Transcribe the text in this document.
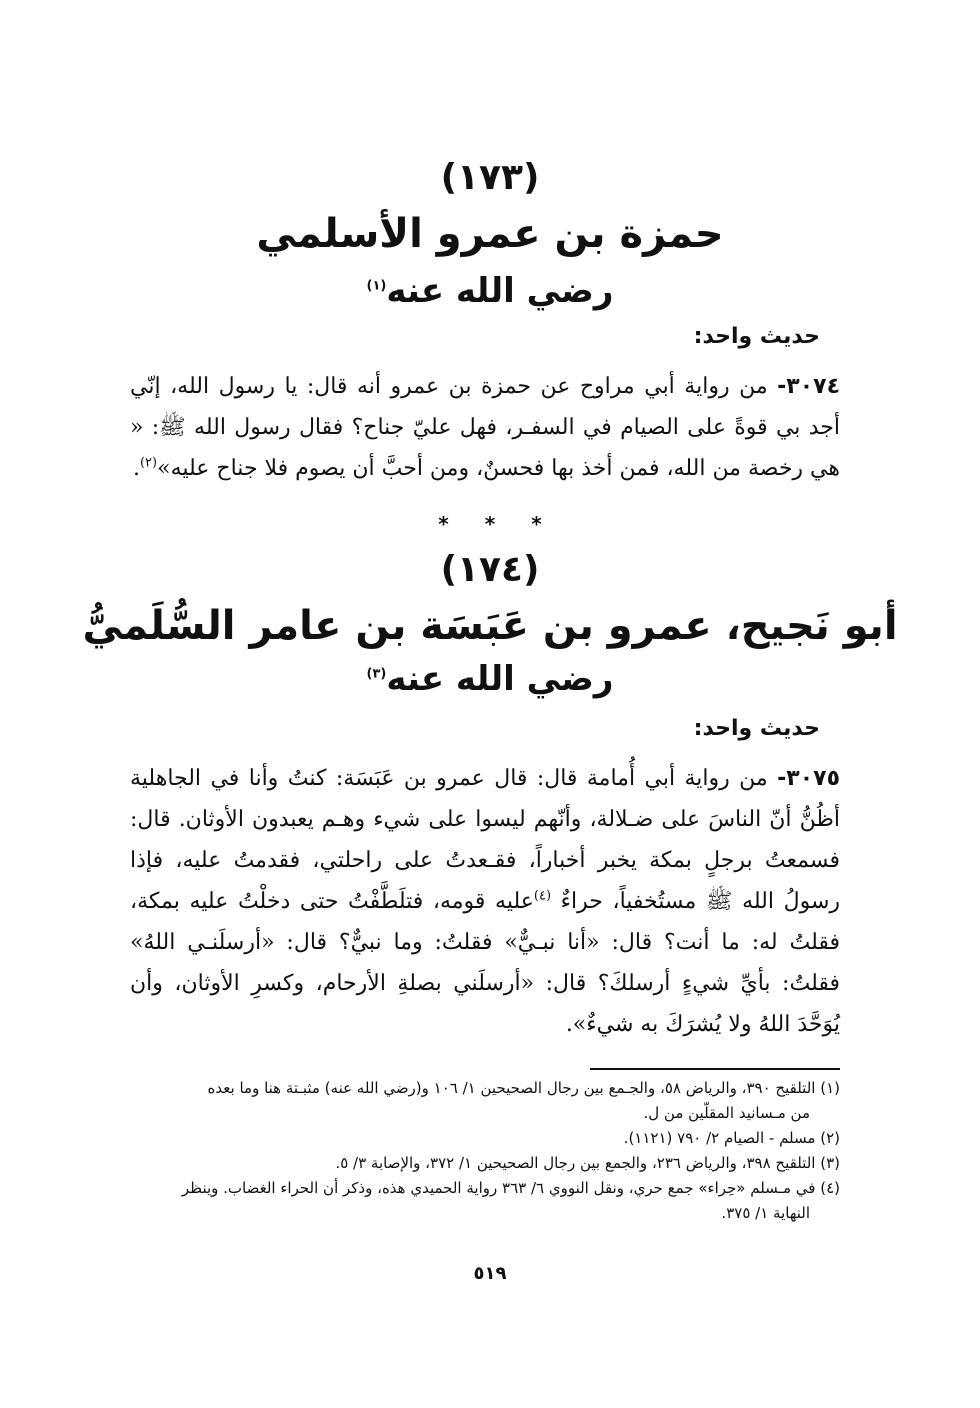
(١٧٣)
حمزة بن عمرو الأسلمي
رضي الله عنه$^{(١)}$
حديث واحد:
٣٠٧٤- من رواية أبي مراوح عن حمزة بن عمرو أنه قال: يا رسول الله، إنّي أجد بي قوةً على الصيام في السفـر، فهل عليّ جناح؟ فقال رسول الله ﷺ: « هي رخصة من الله، فمن أخذ بها فحسنٌ، ومن أحبَّ أن يصوم فلا جناح عليه»$^{(٢)}$.
***
(١٧٤)
أبو نَجيح، عمرو بن عَبَسَة بن عامر السُّلَميُّ
رضي الله عنه$^{(٣)}$
حديث واحد:
٣٠٧٥- من رواية أبي أُمامة قال: قال عمرو بن عَبَسَة: كنتُ وأنا في الجاهلية أظُنُّ أنّ الناسَ على ضـلالة، وأنّهم ليسوا على شيء وهـم يعبدون الأوثان. قال: فسمعتُ برجلٍ بمكة يخبر أخباراً، فقـعدتُ على راحلتي، فقدمتُ عليه، فإذا رسولُ الله ﷺ مستُخفياً، حراءٌ $^{(٤)}$عليه قومه، فتلَطَّفْتُ حتى دخلْتُ عليه بمكة، فقلتُ له: ما أنت؟ قال: «أنا نبـيٌّ» فقلتُ: وما نبيٌّ؟ قال: «أرسلَنـي اللهُ» فقلتُ: بأيِّ شيءٍ أرسلكَ؟ قال: «أرسلَني بصلةِ الأرحام، وكسرِ الأوثان، وأن يُوَحَّدَ اللهُ ولا يُشرَكَ به شيءٌ».

(١) التلقيح ٣٩٠، والرياض ٥٨، والجـمع بين رجال الصحيحين ١/ ١٠٦ و(رضي الله عنه) مثبـتة هنا وما بعده
من مـسانيد المقلّين من ل.

(٢) مسلم - الصيام ٢/ ٧٩٠ (١١٢١).

(٣) التلقيح ٣٩٨، والرياض ٢٣٦، والجمع بين رجال الصحيحين ١/ ٣٧٢، والإصابة ٣/ ٥.

(٤) في مـسلم «حِراء» جمع حري، ونقل النووي ٦/ ٣٦٣ رواية الحميدي هذه، وذكر أن الحراء الغضاب. وينظر
النهاية ١/ ٣٧٥.

٥١٩
